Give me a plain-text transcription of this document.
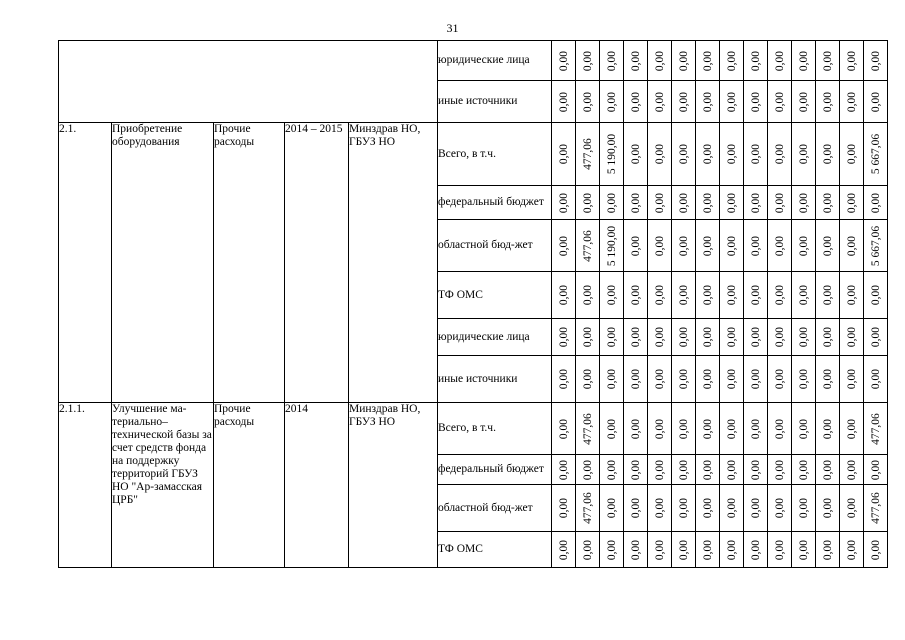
31
					юридические лица	0,00	0,00	0,00	0,00	0,00	0,00	0,00	0,00	0,00	0,00	0,00	0,00	0,00	0,00

					иные источники	0,00	0,00	0,00	0,00	0,00	0,00	0,00	0,00	0,00	0,00	0,00	0,00	0,00	0,00

2.1.	Приобретение оборудования	Прочие расходы	2014 – 2015	Минздрав НО, ГБУЗ НО	Всего, в т.ч.	0,00	477,06	5 190,00	0,00	0,00	0,00	0,00	0,00	0,00	0,00	0,00	0,00	0,00	5 667,06

					федеральный бюджет	0,00	0,00	0,00	0,00	0,00	0,00	0,00	0,00	0,00	0,00	0,00	0,00	0,00	0,00

					областной бюд-жет	0,00	477,06	5 190,00	0,00	0,00	0,00	0,00	0,00	0,00	0,00	0,00	0,00	0,00	5 667,06

					ТФ ОМС	0,00	0,00	0,00	0,00	0,00	0,00	0,00	0,00	0,00	0,00	0,00	0,00	0,00	0,00

					юридические лица	0,00	0,00	0,00	0,00	0,00	0,00	0,00	0,00	0,00	0,00	0,00	0,00	0,00	0,00

					иные источники	0,00	0,00	0,00	0,00	0,00	0,00	0,00	0,00	0,00	0,00	0,00	0,00	0,00	0,00

2.1.1.	Улучшение ма-териально– технической базы за счет средств фонда на поддержку территорий ГБУЗ НО "Ар-замасская ЦРБ"	Прочие расходы	2014	Минздрав НО, ГБУЗ НО	Всего, в т.ч.	0,00	477,06	0,00	0,00	0,00	0,00	0,00	0,00	0,00	0,00	0,00	0,00	0,00	477,06

					федеральный бюджет	0,00	0,00	0,00	0,00	0,00	0,00	0,00	0,00	0,00	0,00	0,00	0,00	0,00	0,00

					областной бюд-жет	0,00	477,06	0,00	0,00	0,00	0,00	0,00	0,00	0,00	0,00	0,00	0,00	0,00	477,06

					ТФ ОМС	0,00	0,00	0,00	0,00	0,00	0,00	0,00	0,00	0,00	0,00	0,00	0,00	0,00	0,00
